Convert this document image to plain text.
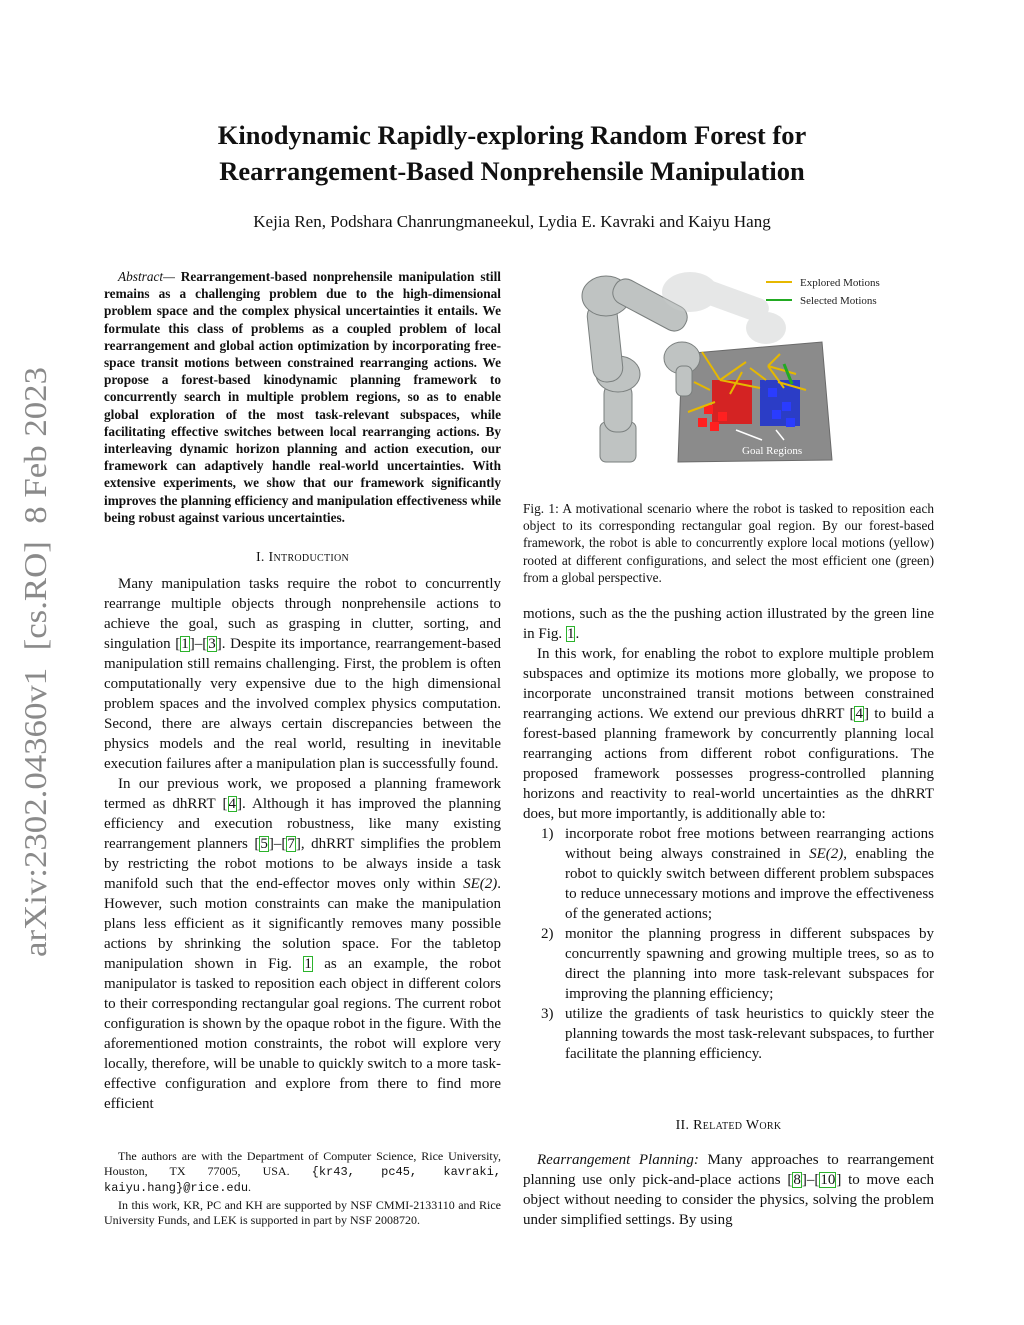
arXiv:2302.04360v1  [cs.RO]  8 Feb 2023
Kinodynamic Rapidly-exploring Random Forest for
Rearrangement-Based Nonprehensile Manipulation
Kejia Ren, Podshara Chanrungmaneekul, Lydia E. Kavraki and Kaiyu Hang
Abstract— Rearrangement-based nonprehensile manipulation still remains as a challenging problem due to the high-dimensional problem space and the complex physical uncertainties it entails. We formulate this class of problems as a coupled problem of local rearrangement and global action optimization by incorporating free-space transit motions between constrained rearranging actions. We propose a forest-based kinodynamic planning framework to concurrently search in multiple problem regions, so as to enable global exploration of the most task-relevant subspaces, while facilitating effective switches between local rearranging actions. By interleaving dynamic horizon planning and action execution, our framework can adaptively handle real-world uncertainties. With extensive experiments, we show that our framework significantly improves the planning efficiency and manipulation effectiveness while being robust against various uncertainties.
I. Introduction

Many manipulation tasks require the robot to concurrently rearrange multiple objects through nonprehensile actions to achieve the goal, such as grasping in clutter, sorting, and singulation [1]–[3]. Despite its importance, rearrangement-based manipulation still remains challenging. First, the problem is often computationally very expensive due to the high dimensional problem spaces and the involved complex physics computation. Second, there are always certain discrepancies between the physics models and the real world, resulting in inevitable execution failures after a manipulation plan is successfully found.

In our previous work, we proposed a planning framework termed as dhRRT [4]. Although it has improved the planning efficiency and execution robustness, like many existing rearrangement planners [5]–[7], dhRRT simplifies the problem by restricting the robot motions to be always inside a task manifold such that the end-effector moves only within SE(2). However, such motion constraints can make the manipulation plans less efficient as it significantly removes many possible actions by shrinking the solution space. For the tabletop manipulation shown in Fig. 1 as an example, the robot manipulator is tasked to reposition each object in different colors to their corresponding rectangular goal regions. The current robot configuration is shown by the opaque robot in the figure. With the aforementioned motion constraints, the robot will explore very locally, therefore, will be unable to quickly switch to a more task-effective configuration and explore from there to find more efficient

The authors are with the Department of Computer Science, Rice University, Houston, TX 77005, USA. {kr43, pc45, kavraki, kaiyu.hang}@rice.edu.

In this work, KR, PC and KH are supported by NSF CMMI-2133110 and Rice University Funds, and LEK is supported in part by NSF 2008720.

Explored Motions
Selected Motions
Goal Regions
Fig. 1: A motivational scenario where the robot is tasked to reposition each object to its corresponding rectangular goal region. By our forest-based framework, the robot is able to concurrently explore local motions (yellow) rooted at different configurations, and select the most efficient one (green) from a global perspective.

motions, such as the the pushing action illustrated by the green line in Fig. 1.

In this work, for enabling the robot to explore multiple problem subspaces and optimize its motions more globally, we propose to incorporate unconstrained transit motions between constrained rearranging actions. We extend our previous dhRRT [4] to build a forest-based planning framework by concurrently planning local rearranging actions from different robot configurations. The proposed framework possesses progress-controlled planning horizons and reactivity to real-world uncertainties as the dhRRT does, but more importantly, is additionally able to:

1) incorporate robot free motions between rearranging actions without being always constrained in SE(2), enabling the robot to quickly switch between different problem subspaces to reduce unnecessary motions and improve the effectiveness of the generated actions;
2) monitor the planning progress in different subspaces by concurrently spawning and growing multiple trees, so as to direct the planning into more task-relevant subspaces for improving the planning efficiency;
3) utilize the gradients of task heuristics to quickly steer the planning towards the most task-relevant subspaces, to further facilitate the planning efficiency.
II. Related Work

Rearrangement Planning: Many approaches to rearrangement planning use only pick-and-place actions [8]–[10] to move each object without needing to consider the physics, solving the problem under simplified settings. By using
